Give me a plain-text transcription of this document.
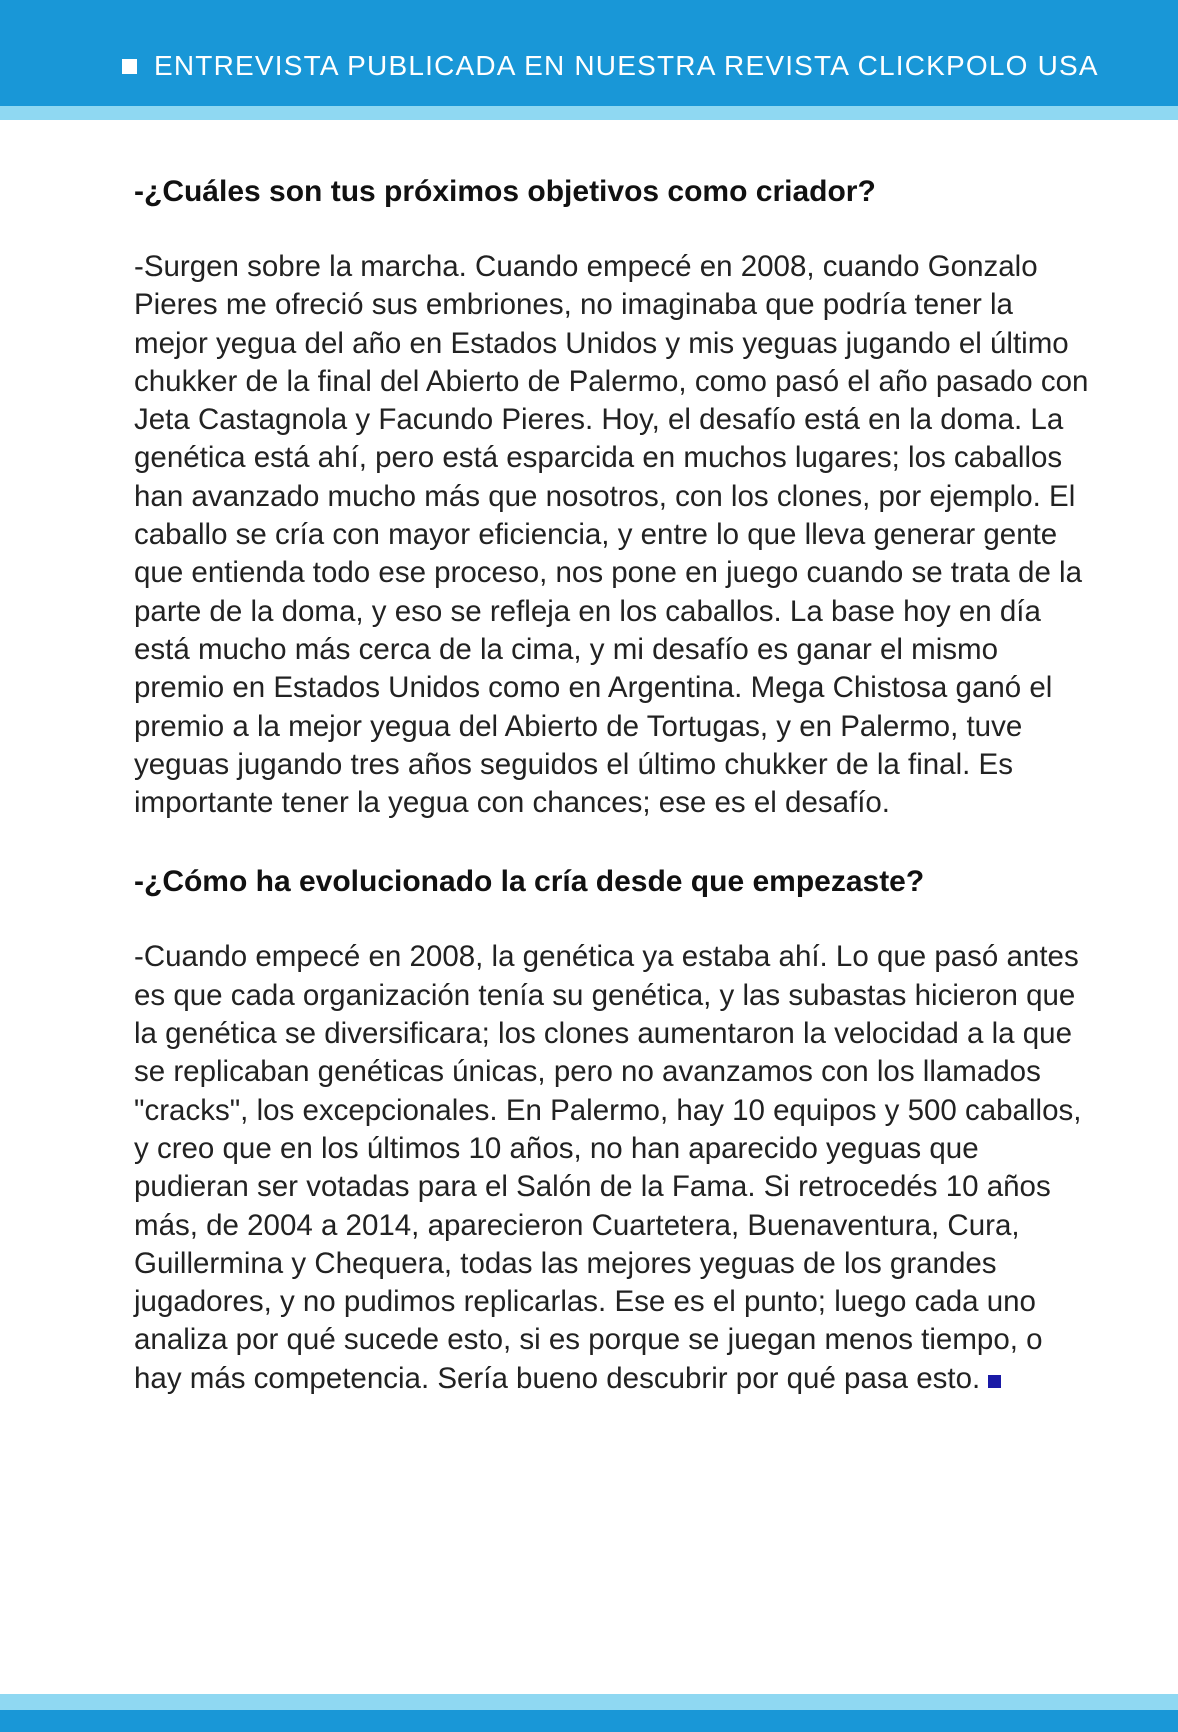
ENTREVISTA PUBLICADA EN NUESTRA REVISTA CLICKPOLO USA

-¿Cuáles son tus próximos objetivos como criador?

-Surgen sobre la marcha. Cuando empecé en 2008, cuando Gonzalo Pieres me ofreció sus embriones, no imaginaba que podría tener la mejor yegua del año en Estados Unidos y mis yeguas jugando el último chukker de la final del Abierto de Palermo, como pasó el año pasado con Jeta Castagnola y Facundo Pieres. Hoy, el desafío está en la doma. La genética está ahí, pero está esparcida en muchos lugares; los caballos han avanzado mucho más que nosotros, con los clones, por ejemplo. El caballo se cría con mayor eficiencia, y entre lo que lleva generar gente que entienda todo ese proceso, nos pone en juego cuando se trata de la parte de la doma, y eso se refleja en los caballos. La base hoy en día está mucho más cerca de la cima, y mi desafío es ganar el mismo premio en Estados Unidos como en Argentina. Mega Chistosa ganó el premio a la mejor yegua del Abierto de Tortugas, y en Palermo, tuve yeguas jugando tres años seguidos el último chukker de la final. Es importante tener la yegua con chances; ese es el desafío.

-¿Cómo ha evolucionado la cría desde que empezaste?

-Cuando empecé en 2008, la genética ya estaba ahí. Lo que pasó antes es que cada organización tenía su genética, y las subastas hicieron que la genética se diversificara; los clones aumentaron la velocidad a la que se replicaban genéticas únicas, pero no avanzamos con los llamados "cracks", los excepcionales. En Palermo, hay 10 equipos y 500 caballos, y creo que en los últimos 10 años, no han aparecido yeguas que pudieran ser votadas para el Salón de la Fama. Si retrocedés 10 años más, de 2004 a 2014, aparecieron Cuartetera, Buenaventura, Cura, Guillermina y Chequera, todas las mejores yeguas de los grandes jugadores, y no pudimos replicarlas. Ese es el punto; luego cada uno analiza por qué sucede esto, si es porque se juegan menos tiempo, o hay más competencia. Sería bueno descubrir por qué pasa esto.
